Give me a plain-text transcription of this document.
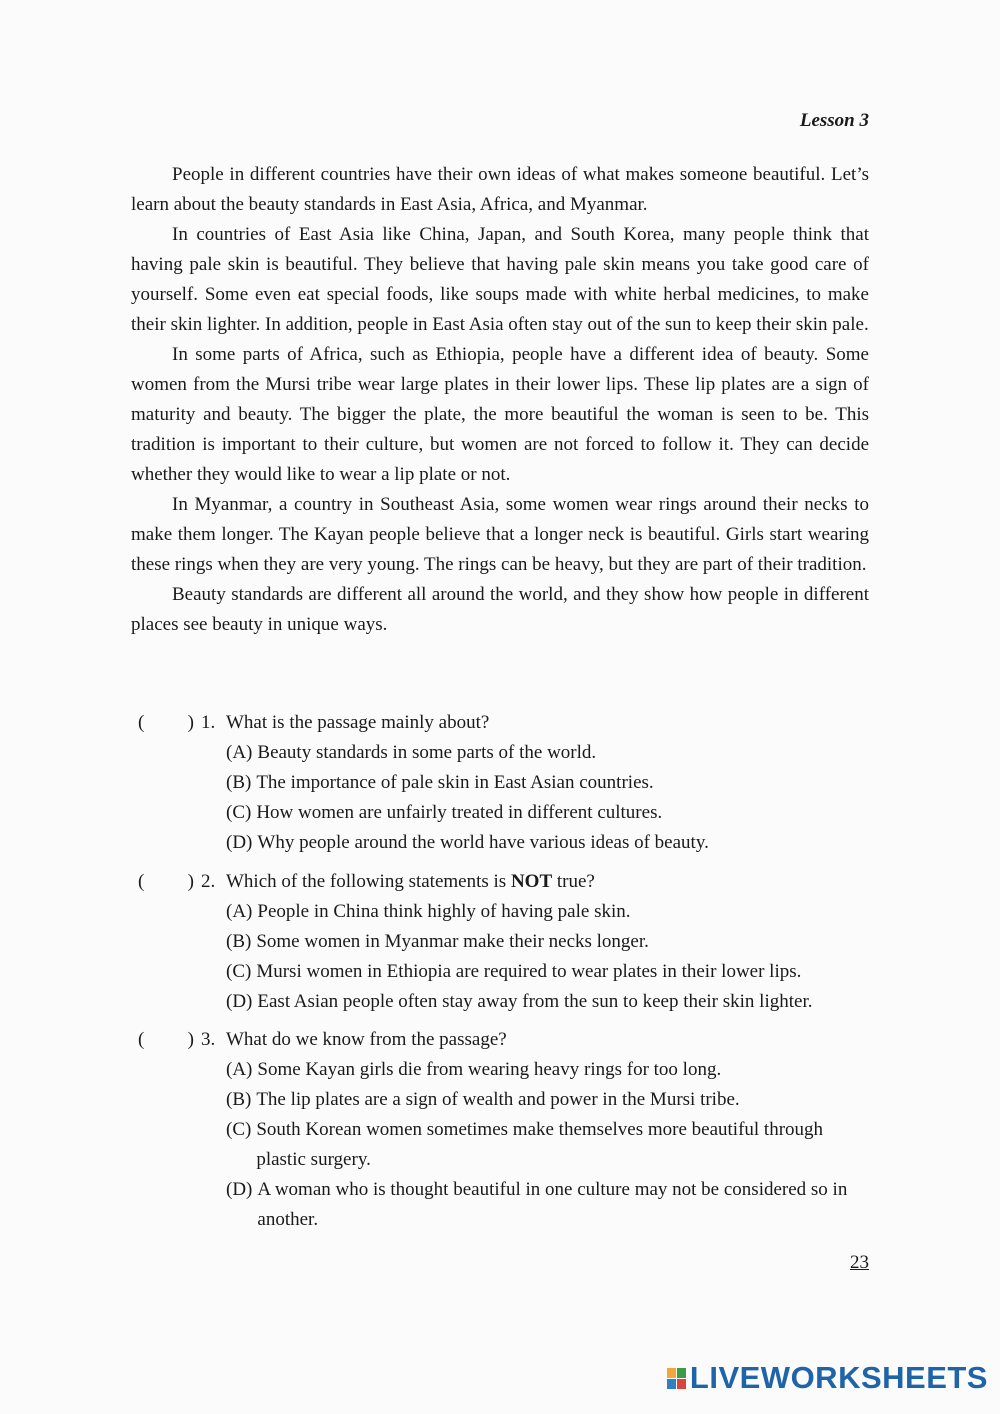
Lesson 3

People in different countries have their own ideas of what makes someone beautiful. Let’s learn about the beauty standards in East Asia, Africa, and Myanmar.

In countries of East Asia like China, Japan, and South Korea, many people think that having pale skin is beautiful. They believe that having pale skin means you take good care of yourself. Some even eat special foods, like soups made with white herbal medicines, to make their skin lighter. In addition, people in East Asia often stay out of the sun to keep their skin pale.

In some parts of Africa, such as Ethiopia, people have a different idea of beauty. Some women from the Mursi tribe wear large plates in their lower lips. These lip plates are a sign of maturity and beauty. The bigger the plate, the more beautiful the woman is seen to be. This tradition is important to their culture, but women are not forced to follow it. They can decide whether they would like to wear a lip plate or not.

In Myanmar, a country in Southeast Asia, some women wear rings around their necks to make them longer. The Kayan people believe that a longer neck is beautiful. Girls start wearing these rings when they are very young. The rings can be heavy, but they are part of their tradition.

Beauty standards are different all around the world, and they show how people in different places see beauty in unique ways.

( ) 1. What is the passage mainly about?
(A) Beauty standards in some parts of the world.
(B) The importance of pale skin in East Asian countries.
(C) How women are unfairly treated in different cultures.
(D) Why people around the world have various ideas of beauty.
( ) 2. Which of the following statements is NOT true?
(A) People in China think highly of having pale skin.
(B) Some women in Myanmar make their necks longer.
(C) Mursi women in Ethiopia are required to wear plates in their lower lips.
(D) East Asian people often stay away from the sun to keep their skin lighter.
( ) 3. What do we know from the passage?
(A) Some Kayan girls die from wearing heavy rings for too long.
(B) The lip plates are a sign of wealth and power in the Mursi tribe.
(C) South Korean women sometimes make themselves more beautiful through plastic surgery.
(D) A woman who is thought beautiful in one culture may not be considered so in another.
23
LIVEWORKSHEETS
